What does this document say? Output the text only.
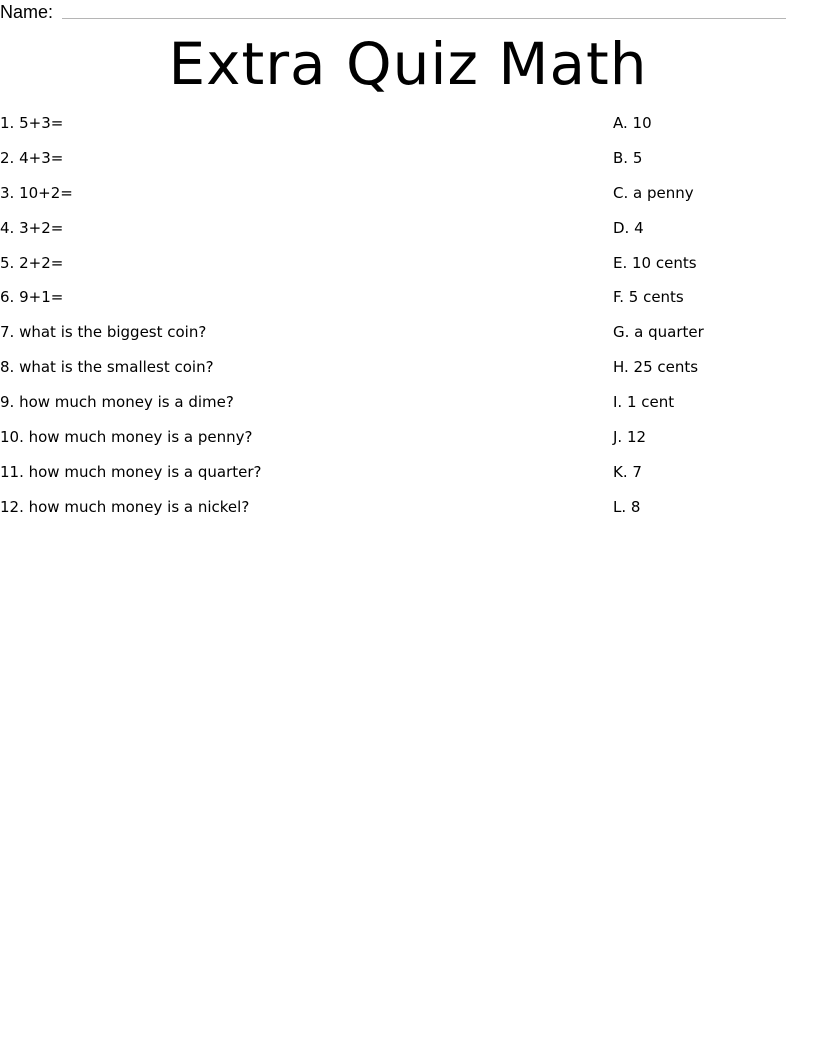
Name:
Extra Quiz Math
1. 5+3=
2. 4+3=
3. 10+2=
4. 3+2=
5. 2+2=
6. 9+1=
7. what is the biggest coin?
8. what is the smallest coin?
9. how much money is a dime?
10. how much money is a penny?
11. how much money is a quarter?
12. how much money is a nickel?
A. 10
B. 5
C. a penny
D. 4
E. 10 cents
F. 5 cents
G. a quarter
H. 25 cents
I. 1 cent
J. 12
K. 7
L. 8
